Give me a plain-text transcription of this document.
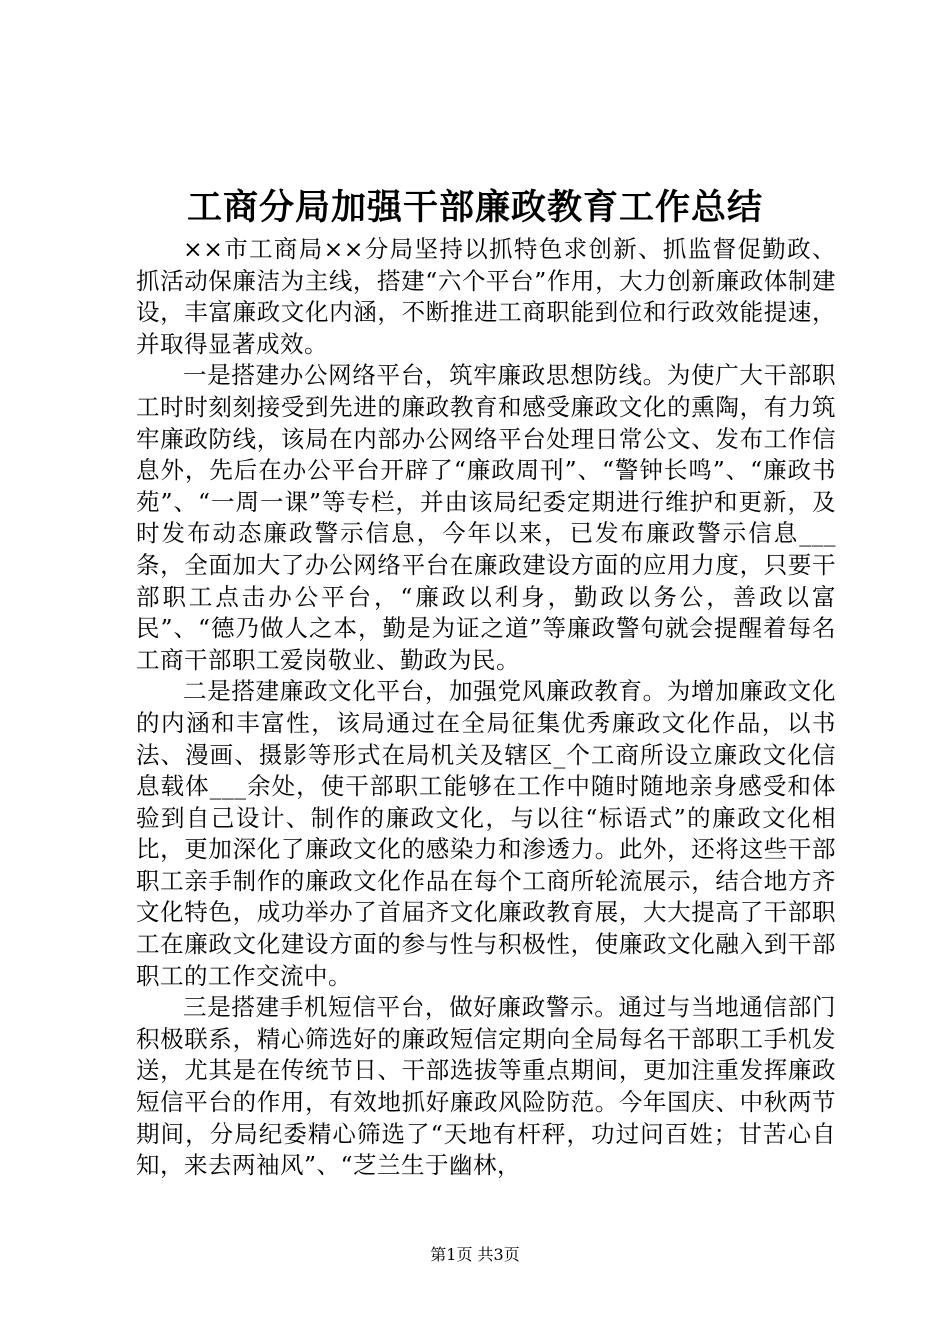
工商分局加强干部廉政教育工作总结

××市工商局××分局坚持以抓特色求创新、抓监督促勤政、抓活动保廉洁为主线，搭建“六个平台”作用，大力创新廉政体制建设，丰富廉政文化内涵，不断推进工商职能到位和行政效能提速，并取得显著成效。

一是搭建办公网络平台，筑牢廉政思想防线。为使广大干部职工时时刻刻接受到先进的廉政教育和感受廉政文化的熏陶，有力筑牢廉政防线，该局在内部办公网络平台处理日常公文、发布工作信息外，先后在办公平台开辟了“廉政周刊”、“警钟长鸣”、“廉政书苑”、“一周一课”等专栏，并由该局纪委定期进行维护和更新，及时发布动态廉政警示信息，今年以来，已发布廉政警示信息___条，全面加大了办公网络平台在廉政建设方面的应用力度，只要干部职工点击办公平台，“廉政以利身，勤政以务公，善政以富民”、“德乃做人之本，勤是为证之道”等廉政警句就会提醒着每名工商干部职工爱岗敬业、勤政为民。

二是搭建廉政文化平台，加强党风廉政教育。为增加廉政文化的内涵和丰富性，该局通过在全局征集优秀廉政文化作品，以书法、漫画、摄影等形式在局机关及辖区_个工商所设立廉政文化信息载体___余处，使干部职工能够在工作中随时随地亲身感受和体验到自己设计、制作的廉政文化，与以往“标语式”的廉政文化相比，更加深化了廉政文化的感染力和渗透力。此外，还将这些干部职工亲手制作的廉政文化作品在每个工商所轮流展示，结合地方齐文化特色，成功举办了首届齐文化廉政教育展，大大提高了干部职工在廉政文化建设方面的参与性与积极性，使廉政文化融入到干部职工的工作交流中。

三是搭建手机短信平台，做好廉政警示。通过与当地通信部门积极联系，精心筛选好的廉政短信定期向全局每名干部职工手机发送，尤其是在传统节日、干部选拔等重点期间，更加注重发挥廉政短信平台的作用，有效地抓好廉政风险防范。今年国庆、中秋两节期间，分局纪委精心筛选了“天地有杆秤，功过问百姓；甘苦心自知，来去两袖风”、“芝兰生于幽林，

第1页 共3页
